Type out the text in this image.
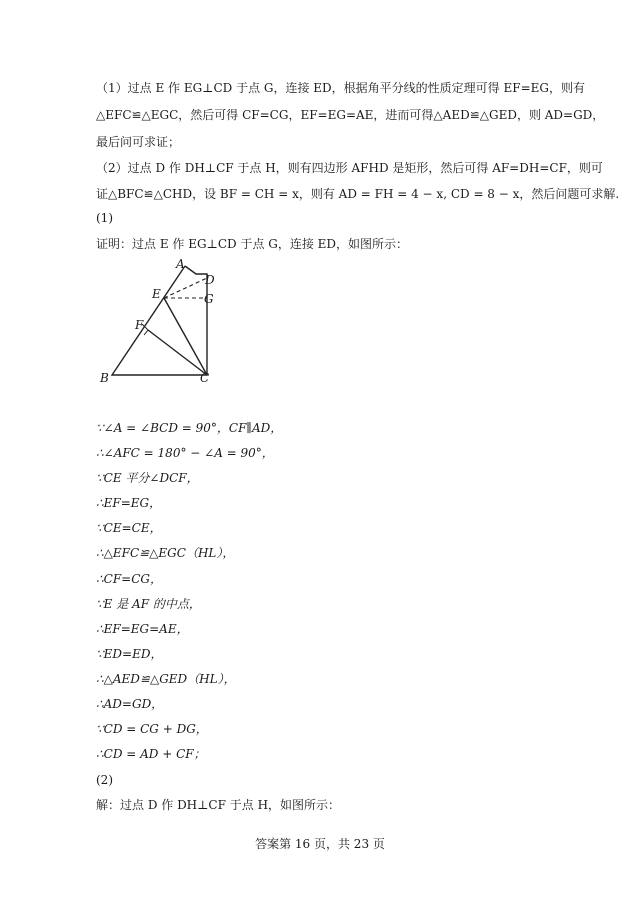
（1）过点 E 作 EG⊥CD 于点 G，连接 ED，根据角平分线的性质定理可得 EF=EG，则有
△EFC≌△EGC，然后可得 CF=CG，EF=EG=AE，进而可得△AED≌△GED，则 AD=GD，
最后问可求证；
（2）过点 D 作 DH⊥CF 于点 H，则有四边形 AFHD 是矩形，然后可得 AF=DH=CF，则可
证△BFC≌△CHD，设 BF = CH = x，则有 AD = FH = 4 − x, CD = 8 − x，然后问题可求解.
(1)
证明：过点 E 作 EG⊥CD 于点 G，连接 ED，如图所示：
A
D
E	G
F
B	C
∵∠A = ∠BCD = 90°，CF∥AD，
∴∠AFC = 180° − ∠A = 90°，
∵CE 平分∠DCF，
∴EF=EG，
∵CE=CE，
∴△EFC≌△EGC（HL），
∴CF=CG，
∵E 是 AF 的中点，
∴EF=EG=AE，
∵ED=ED，
∴△AED≌△GED（HL），
∴AD=GD，
∵CD = CG + DG，
∴CD = AD + CF；
(2)
解：过点 D 作 DH⊥CF 于点 H，如图所示：
答案第 16 页，共 23 页
